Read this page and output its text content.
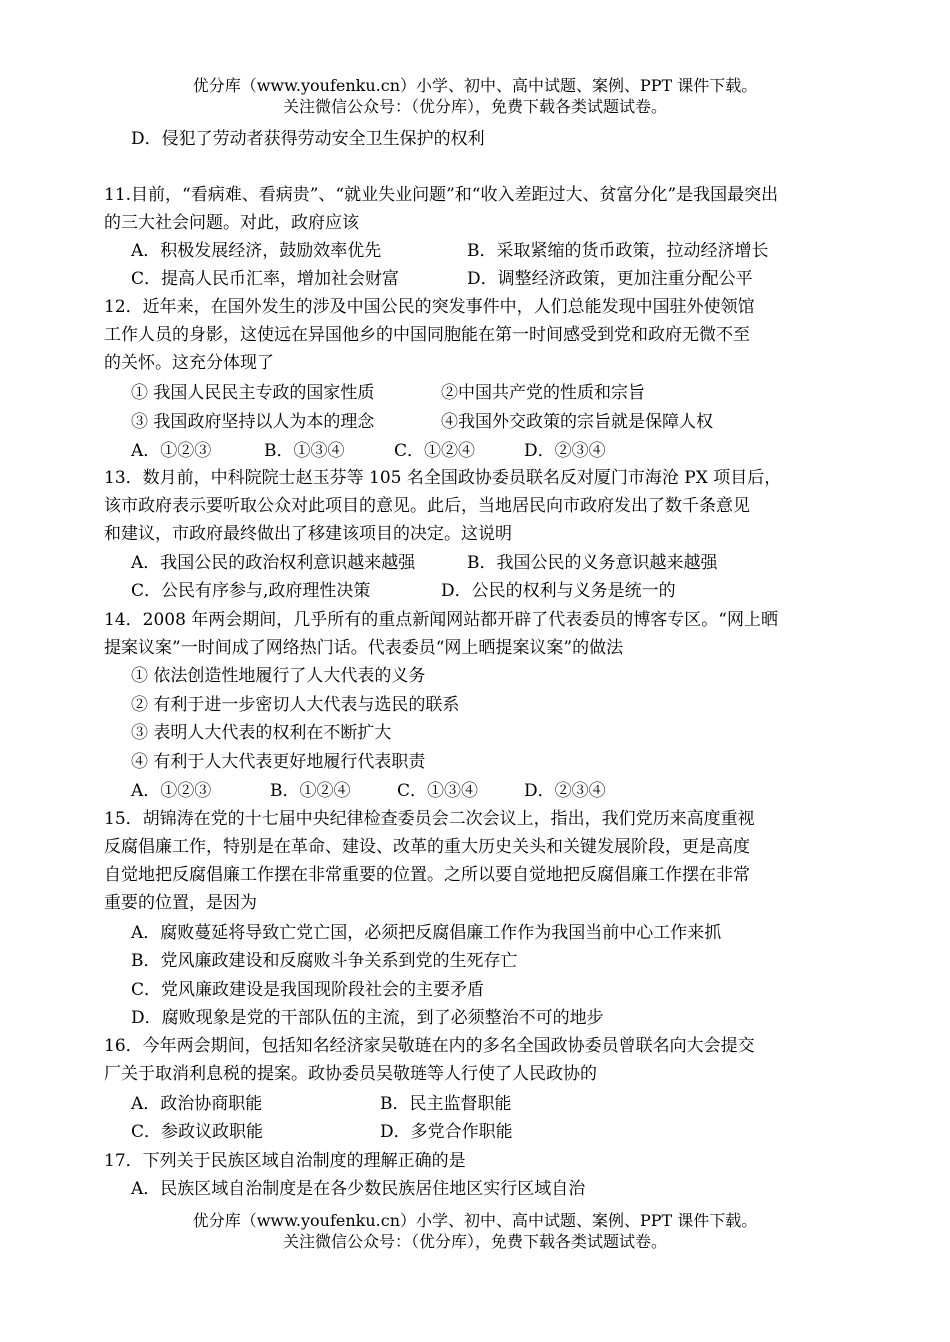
优分库（www.youfenku.cn）小学、初中、高中试题、案例、PPT 课件下载。
关注微信公众号：（优分库），免费下载各类试题试卷。
D．侵犯了劳动者获得劳动安全卫生保护的权利
11.目前，“看病难、看病贵”、“就业失业问题”和“收入差距过大、贫富分化”是我国最突出
的三大社会问题。对此，政府应该
A．积极发展经济，鼓励效率优先	B．采取紧缩的货币政策，拉动经济增长
C．提高人民币汇率，增加社会财富	D．调整经济政策，更加注重分配公平
12．近年来，在国外发生的涉及中国公民的突发事件中，人们总能发现中国驻外使领馆
工作人员的身影，这使远在异国他乡的中国同胞能在第一时间感受到党和政府无微不至
的关怀。这充分体现了
① 我国人民民主专政的国家性质	②中国共产党的性质和宗旨
③ 我国政府坚持以人为本的理念	④我国外交政策的宗旨就是保障人权
A．①②③	B．①③④	C．①②④	D．②③④
13．数月前，中科院院士赵玉芬等 105 名全国政协委员联名反对厦门市海沧 PX 项目后，
该市政府表示要听取公众对此项目的意见。此后，当地居民向市政府发出了数千条意见
和建议，市政府最终做出了移建该项目的决定。这说明
A．我国公民的政治权利意识越来越强	B．我国公民的义务意识越来越强
C．公民有序参与,政府理性决策	D．公民的权利与义务是统一的
14．2008 年两会期间，几乎所有的重点新闻网站都开辟了代表委员的博客专区。“网上晒
提案议案”一时间成了网络热门话。代表委员“网上晒提案议案”的做法
① 依法创造性地履行了人大代表的义务
② 有利于进一步密切人大代表与选民的联系
③ 表明人大代表的权利在不断扩大
④ 有利于人大代表更好地履行代表职责
A．①②③	B．①②④	C．①③④	D．②③④
15．胡锦涛在党的十七届中央纪律检查委员会二次会议上，指出，我们党历来高度重视
反腐倡廉工作，特别是在革命、建设、改革的重大历史关头和关键发展阶段，更是高度
自觉地把反腐倡廉工作摆在非常重要的位置。之所以要自觉地把反腐倡廉工作摆在非常
重要的位置，是因为
A．腐败蔓延将导致亡党亡国，必须把反腐倡廉工作作为我国当前中心工作来抓
B．党风廉政建设和反腐败斗争关系到党的生死存亡
C．党风廉政建设是我国现阶段社会的主要矛盾
D．腐败现象是党的干部队伍的主流，到了必须整治不可的地步
16．今年两会期间，包括知名经济家吴敬琏在内的多名全国政协委员曾联名向大会提交
厂关于取消利息税的提案。政协委员吴敬琏等人行使了人民政协的
A．政治协商职能	B．民主监督职能
C．参政议政职能	D．多党合作职能
17．下列关于民族区域自治制度的理解正确的是
A．民族区域自治制度是在各少数民族居住地区实行区域自治
优分库（www.youfenku.cn）小学、初中、高中试题、案例、PPT 课件下载。
关注微信公众号：（优分库），免费下载各类试题试卷。
